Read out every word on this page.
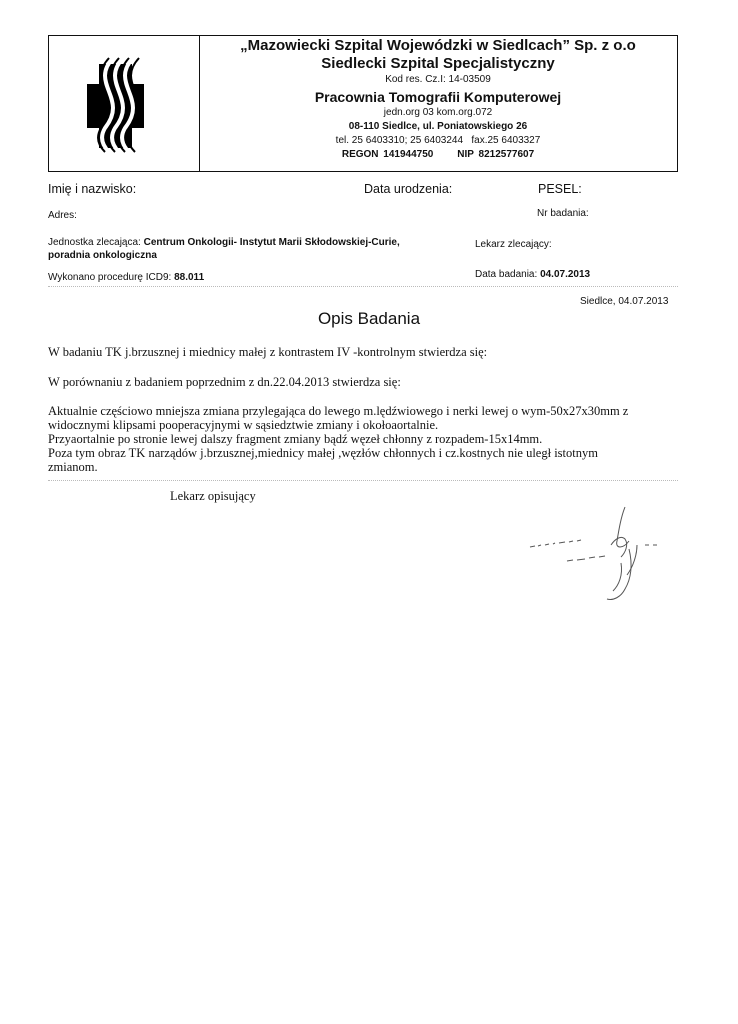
„Mazowiecki Szpital Wojewódzki w Siedlcach” Sp. z o.o
Siedlecki Szpital Specjalistyczny
Kod res. Cz.I: 14-03509
Pracownia Tomografii Komputerowej
jedn.org 03 kom.org.072
08-110 Siedlce, ul. Poniatowskiego 26
tel. 25 6403310; 25 6403244 fax.25 6403327
REGON 141944750 NIP 8212577607
Imię i nazwisko:	Data urodzenia:	PESEL:
Adres:	Nr badania:
Jednostka zlecająca: Centrum Onkologii- Instytut Marii Skłodowskiej-Curie,
poradnia onkologiczna
Lekarz zlecający:
Wykonano procedurę ICD9: 88.011	Data badania: 04.07.2013
Siedlce, 04.07.2013
Opis Badania
W badaniu TK j.brzusznej i miednicy małej z kontrastem IV -kontrolnym stwierdza się:
W porównaniu z badaniem poprzednim z dn.22.04.2013 stwierdza się:
Aktualnie częściowo mniejsza zmiana przylegająca do lewego m.lędźwiowego i nerki lewej o wym-50x27x30mm z
widocznymi klipsami pooperacyjnymi w sąsiedztwie zmiany i okołoaortalnie.
Przyaortalnie po stronie lewej dalszy fragment zmiany bądź węzeł chłonny z rozpadem-15x14mm.
Poza tym obraz TK narządów j.brzusznej,miednicy małej ,węzłów chłonnych i cz.kostnych nie uległ istotnym
zmianom.
Lekarz opisujący
